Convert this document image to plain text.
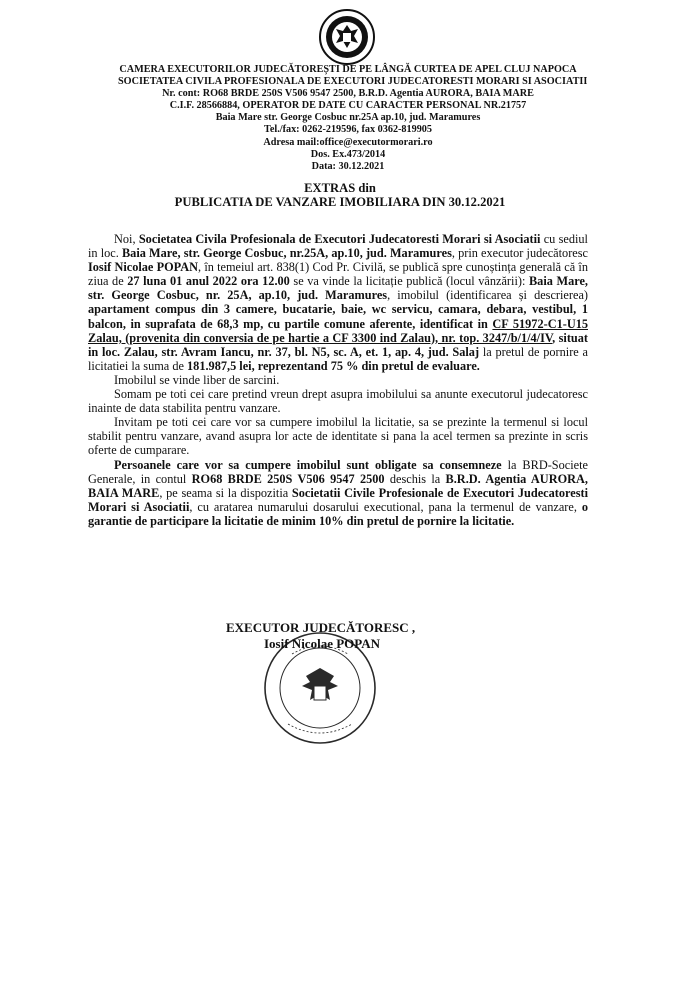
CAMERA EXECUTORILOR JUDECĂTOREȘTI DE PE LÂNGĂ CURTEA DE APEL CLUJ NAPOCA
SOCIETATEA CIVILA PROFESIONALA DE EXECUTORI JUDECATORESTI MORARI SI ASOCIATII
Nr. cont: RO68 BRDE 250S V506 9547 2500, B.R.D. Agentia AURORA, BAIA MARE
C.I.F. 28566884, OPERATOR DE DATE CU CARACTER PERSONAL NR.21757
Baia Mare str. George Cosbuc nr.25A ap.10, jud. Maramures
Tel./fax: 0262-219596, fax 0362-819905
Adresa mail:office@executormorari.ro
Dos. Ex.473/2014
Data: 30.12.2021
EXTRAS din
PUBLICATIA DE VANZARE IMOBILIARA DIN 30.12.2021

Noi, Societatea Civila Profesionala de Executori Judecatoresti Morari si Asociatii cu sediul in loc. Baia Mare, str. George Cosbuc, nr.25A, ap.10, jud. Maramures, prin executor judecătoresc Iosif Nicolae POPAN, în temeiul art. 838(1) Cod Pr. Civilă, se publică spre cunoștința generală că în ziua de 27 luna 01 anul 2022 ora 12.00 se va vinde la licitație publică (locul vânzării): Baia Mare, str. George Cosbuc, nr. 25A, ap.10, jud. Maramures, imobilul (identificarea și descrierea) apartament compus din 3 camere, bucatarie, baie, wc servicu, camara, debara, vestibul, 1 balcon, in suprafata de 68,3 mp, cu partile comune aferente, identificat in CF 51972-C1-U15 Zalau, (provenita din conversia de pe hartie a CF 3300 ind Zalau), nr. top. 3247/b/1/4/IV, situat in loc. Zalau, str. Avram Iancu, nr. 37, bl. N5, sc. A, et. 1, ap. 4, jud. Salaj la pretul de pornire a licitatiei la suma de 181.987,5 lei, reprezentand 75 % din pretul de evaluare.

Imobilul se vinde liber de sarcini.

Somam pe toti cei care pretind vreun drept asupra imobilului sa anunte executorul judecatoresc inainte de data stabilita pentru vanzare.

Invitam pe toti cei care vor sa cumpere imobilul la licitatie, sa se prezinte la termenul si locul stabilit pentru vanzare, avand asupra lor acte de identitate si pana la acel termen sa prezinte in scris oferte de cumparare.

Persoanele care vor sa cumpere imobilul sunt obligate sa consemneze la BRD-Societe Generale, in contul RO68 BRDE 250S V506 9547 2500 deschis la B.R.D. Agentia AURORA, BAIA MARE, pe seama si la dispozitia Societatii Civile Profesionale de Executori Judecatoresti Morari si Asociatii, cu aratarea numarului dosarului executional, pana la termenul de vanzare, o garantie de participare la licitatie de minim 10% din pretul de pornire la licitatie.

EXECUTOR JUDECĂTORESC ,
Iosif Nicolae POPAN
